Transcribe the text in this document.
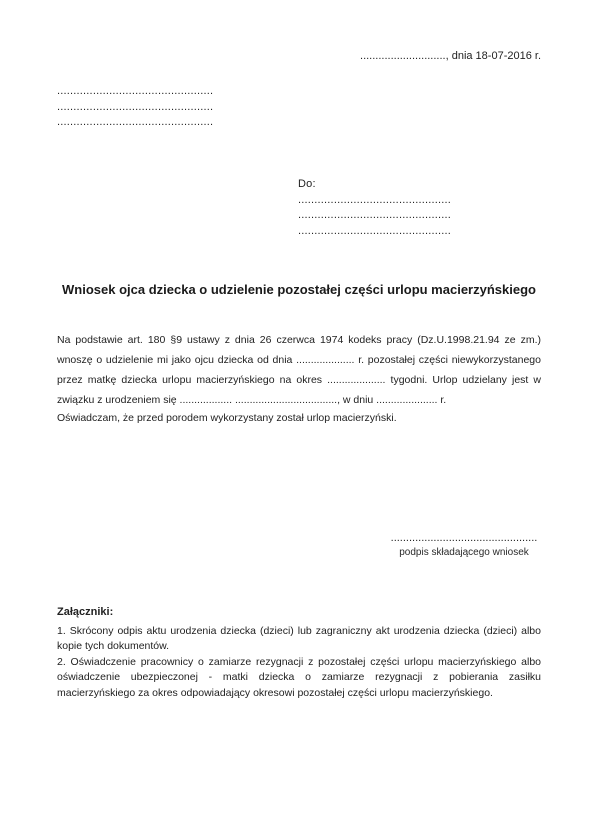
............................, dnia 18-07-2016 r.
................................................
................................................
................................................
Do:
...............................................
...............................................
...............................................
Wniosek ojca dziecka o udzielenie pozostałej części urlopu macierzyńskiego
Na podstawie art. 180 §9 ustawy z dnia 26 czerwca 1974 kodeks pracy (Dz.U.1998.21.94 ze zm.) wnoszę o udzielenie mi jako ojcu dziecka od dnia .................... r. pozostałej części niewykorzystanego przez matkę dziecka urlopu macierzyńskiego na okres .................... tygodni. Urlop udzielany jest w związku z urodzeniem się .................. ..................................., w dniu ..................... r.
Oświadczam, że przed porodem wykorzystany został urlop macierzyński.
................................................
podpis składającego wniosek
Załączniki:

1. Skrócony odpis aktu urodzenia dziecka (dzieci) lub zagraniczny akt urodzenia dziecka (dzieci) albo kopie tych dokumentów.

2. Oświadczenie pracownicy o zamiarze rezygnacji z pozostałej części urlopu macierzyńskiego albo oświadczenie ubezpieczonej - matki dziecka o zamiarze rezygnacji z pobierania zasiłku macierzyńskiego za okres odpowiadający okresowi pozostałej części urlopu macierzyńskiego.
